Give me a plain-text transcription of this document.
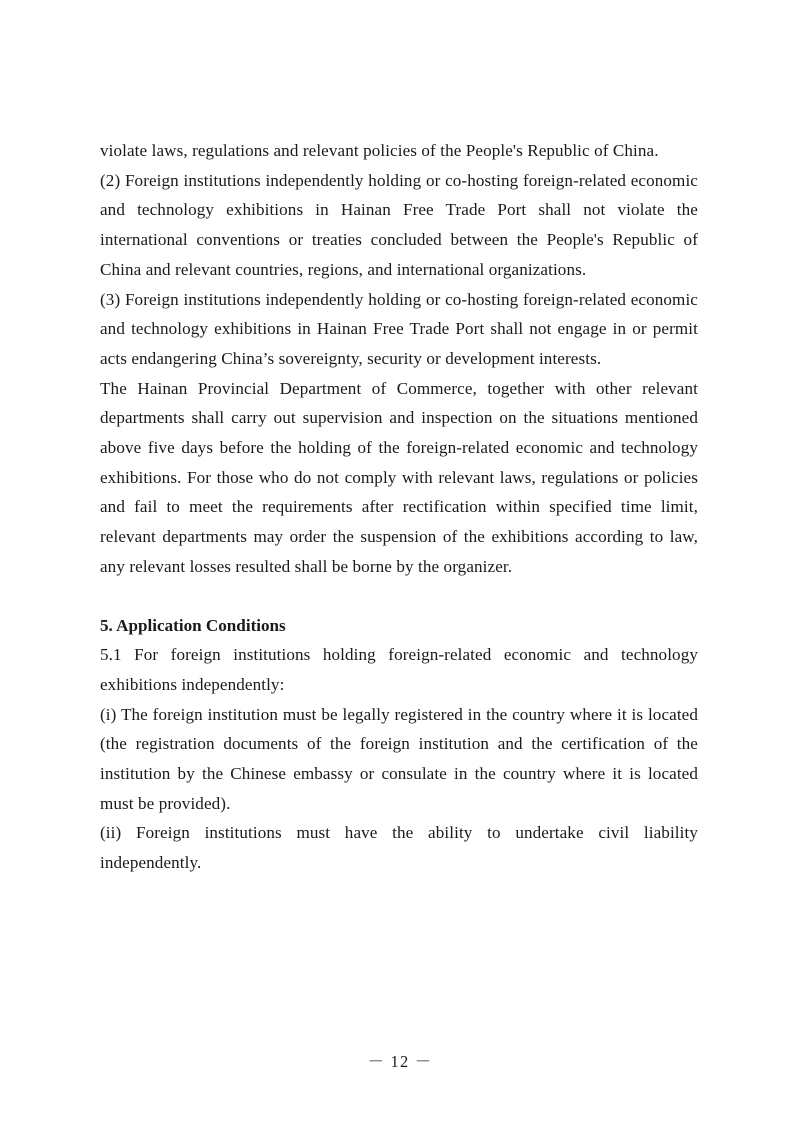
violate laws, regulations and relevant policies of the People's Republic of China.

(2) Foreign institutions independently holding or co-hosting foreign-related economic and technology exhibitions in Hainan Free Trade Port shall not violate the international conventions or treaties concluded between the People's Republic of China and relevant countries, regions, and international organizations.

(3) Foreign institutions independently holding or co-hosting foreign-related economic and technology exhibitions in Hainan Free Trade Port shall not engage in or permit acts endangering China’s sovereignty, security or development interests.

The Hainan Provincial Department of Commerce, together with other relevant departments shall carry out supervision and inspection on the situations mentioned above five days before the holding of the foreign-related economic and technology exhibitions. For those who do not comply with relevant laws, regulations or policies and fail to meet the requirements after rectification within specified time limit, relevant departments may order the suspension of the exhibitions according to law, any relevant losses resulted shall be borne by the organizer.

5. Application Conditions

5.1 For foreign institutions holding foreign-related economic and technology exhibitions independently:

(i) The foreign institution must be legally registered in the country where it is located (the registration documents of the foreign institution and the certification of the institution by the Chinese embassy or consulate in the country where it is located must be provided).

(ii) Foreign institutions must have the ability to undertake civil liability independently.

－ 12 －
